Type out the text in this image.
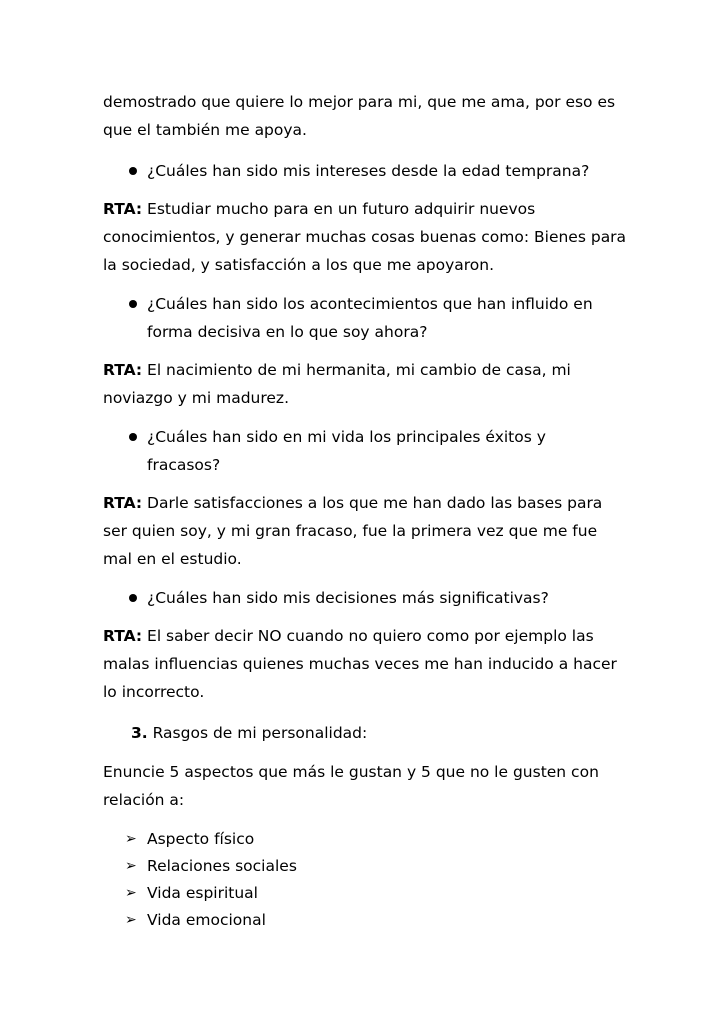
demostrado que quiere lo mejor para mi, que me ama, por eso es
que el también me apoya.
¿Cuáles han sido mis intereses desde la edad temprana?
RTA: Estudiar mucho para en un futuro adquirir nuevos
conocimientos, y generar muchas cosas buenas como: Bienes para
la sociedad, y satisfacción a los que me apoyaron.
¿Cuáles han sido los acontecimientos que han influido en
forma decisiva en lo que soy ahora?
RTA: El nacimiento de mi hermanita, mi cambio de casa, mi
noviazgo y mi madurez.
¿Cuáles han sido en mi vida los principales éxitos y
fracasos?
RTA: Darle satisfacciones a los que me han dado las bases para
ser quien soy, y mi gran fracaso, fue la primera vez que me fue
mal en el estudio.
¿Cuáles han sido mis decisiones más significativas?
RTA: El saber decir NO cuando no quiero como por ejemplo las
malas influencias quienes muchas veces me han inducido a hacer
lo incorrecto.
3. Rasgos de mi personalidad:
Enuncie 5 aspectos que más le gustan y 5 que no le gusten con
relación a:
➢ Aspecto físico
➢ Relaciones sociales
➢ Vida espiritual
➢ Vida emocional
